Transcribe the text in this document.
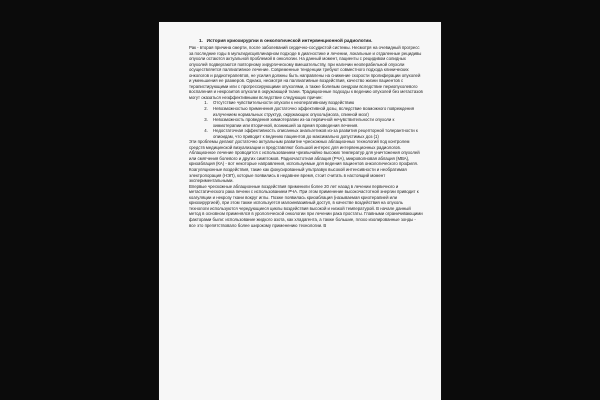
1.   История криохирургии в онкологической интервенционной радиологии.

Рак - вторая причина смерти, после заболеваний сердечно-сосудистой системы. Несмотря на очевидный прогресс за последние годы в мультидисциплинарном подходе в диагностике и лечении, локальные и отдаленные рецидивы опухоли остаются актуальной проблемой в онкологии. На данный момент, пациенты с рецидивом солидных опухолей подвергаются повторному хирургическому вмешательству, при наличии неоперабельной опухоли осуществляется паллиативное лечение. Современные тенденции требуют совместного подхода клинических онкологов и радиотерапевтов, не усилия должны быть направлены на снижение скорости пролиферации опухолей и уменьшения ее размеров. Однако, несмотря на паллиативные воздействия, качество жизни пациентов с терапистирующими или с прогрессирующими опухолями, а также болевым синдром вследствие периопухолевого воспаления и некрозитов опухоли в окружающей ткани. Традиционные подходы к ведению опухолей без метастазов могут оказаться неэффективными вследствие следующих причин:

1. Отсутствие чувствительности опухоли к неоперативному воздействию
2. Невозможностью применения достаточно эффективной дозы, вследствие возможного повреждения излучением нормальных структур, окружающих опухоль(мозга, спинной мозг)
3. Невозможность проведения химиотерапии из-за первичной нечувствительности опухоли к химиотерапии или вторичной, возникшей за время проведения лечения.
4. Недостаточная эффективность описанных анальгетиков из-за развития рецепторной толерантности к опиоидам, что приводит к ведению пациентов до максимально допустимых доз (1)

Эти проблемы делают достаточно актуальным развитие чрескожных аблационных технологий под контролем средств медицинской визуализации и представляют большой интерес для интервенционных радиологов.

Аблационное лечение проводится с использованием чрезвычайно высоких температур для уничтожения опухолей или смягчения болевого и других симптомов. Радиочастотная аблация (РЧА), микроволновая аблация (МВА), криоаблация (КА) - вот некоторые направления, используемые для ведения пациентов онкологического профиля.

Коагуляционные воздействия, такие как фокусированный ультразвук высокой интенсивности и необратимая электропорация (НЭП), которые появились в недавнее время, стоит считать в настоящий момент экспериментальными.

Впервые чрескожные аблационные воздействия применили более 20 лет назад в лечении первичного и метастатического рака печени с использованием РЧА. При этом применение высокочастотной энергии приводит к коагуляции и некрозу ткани вокруг иглы. Позже появилась криоаблация (называемая криотерапией или криохирургией), при этом также используется малоинвазивный доступ, в качестве воздействия на опухоль технологи используются чередующиеся циклы воздействия высокой и низкой температурой. В начале данный метод в основном применялся в урологической онкологии при лечении рака простаты. Главными ограничивающими факторами были: использование жидкого азота, как хладагента, а также большие, плохо изолированные зонды - все это препятствовало более широкому применению технологии. В
